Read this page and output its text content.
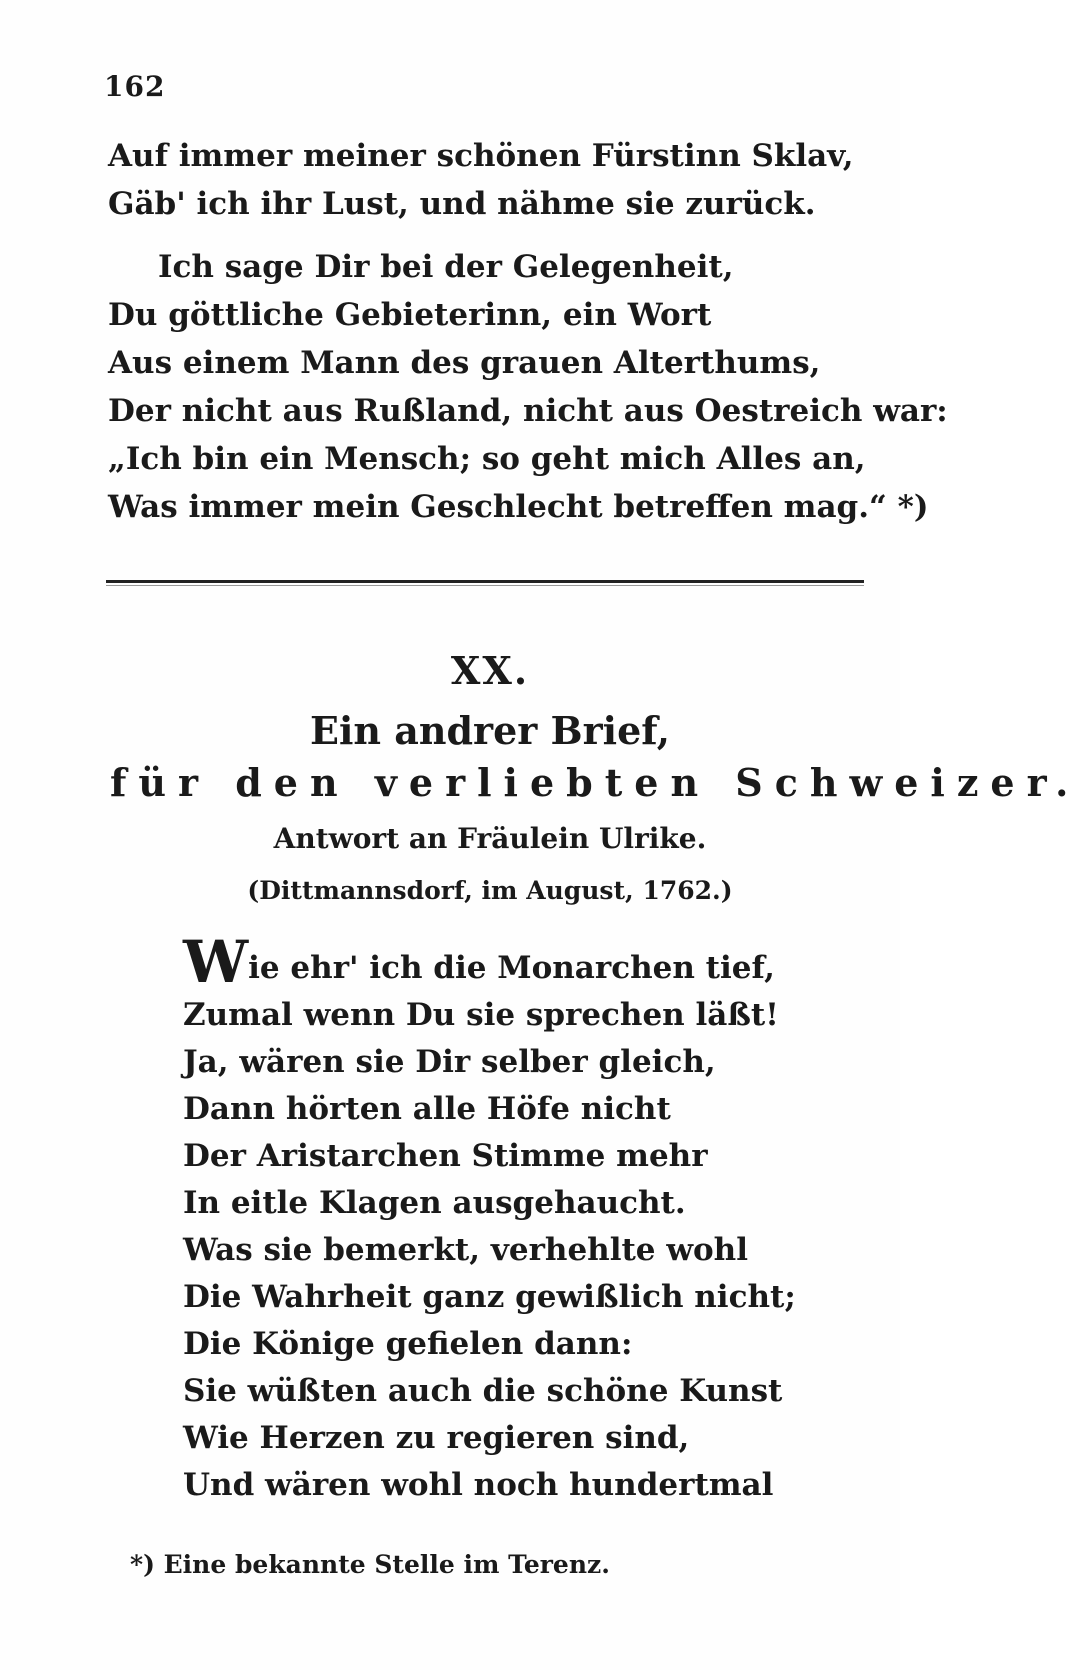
162
Auf immer meiner schönen Fürstinn Sklav,
Gäb' ich ihr Lust, und nähme sie zurück.
Ich sage Dir bei der Gelegenheit,
Du göttliche Gebieterinn, ein Wort
Aus einem Mann des grauen Alterthums,
Der nicht aus Rußland, nicht aus Oestreich war:
„Ich bin ein Mensch; so geht mich Alles an,
Was immer mein Geschlecht betreffen mag.“ *)
XX.
Ein andrer Brief,
für den verliebten Schweizer.
Antwort an Fräulein Ulrike.
(Dittmannsdorf, im August, 1762.)
Wie ehr' ich die Monarchen tief,
Zumal wenn Du sie sprechen läßt!
Ja, wären sie Dir selber gleich,
Dann hörten alle Höfe nicht
Der Aristarchen Stimme mehr
In eitle Klagen ausgehaucht.
Was sie bemerkt, verhehlte wohl
Die Wahrheit ganz gewißlich nicht;
Die Könige gefielen dann:
Sie wüßten auch die schöne Kunst
Wie Herzen zu regieren sind,
Und wären wohl noch hundertmal
*) Eine bekannte Stelle im Terenz.
